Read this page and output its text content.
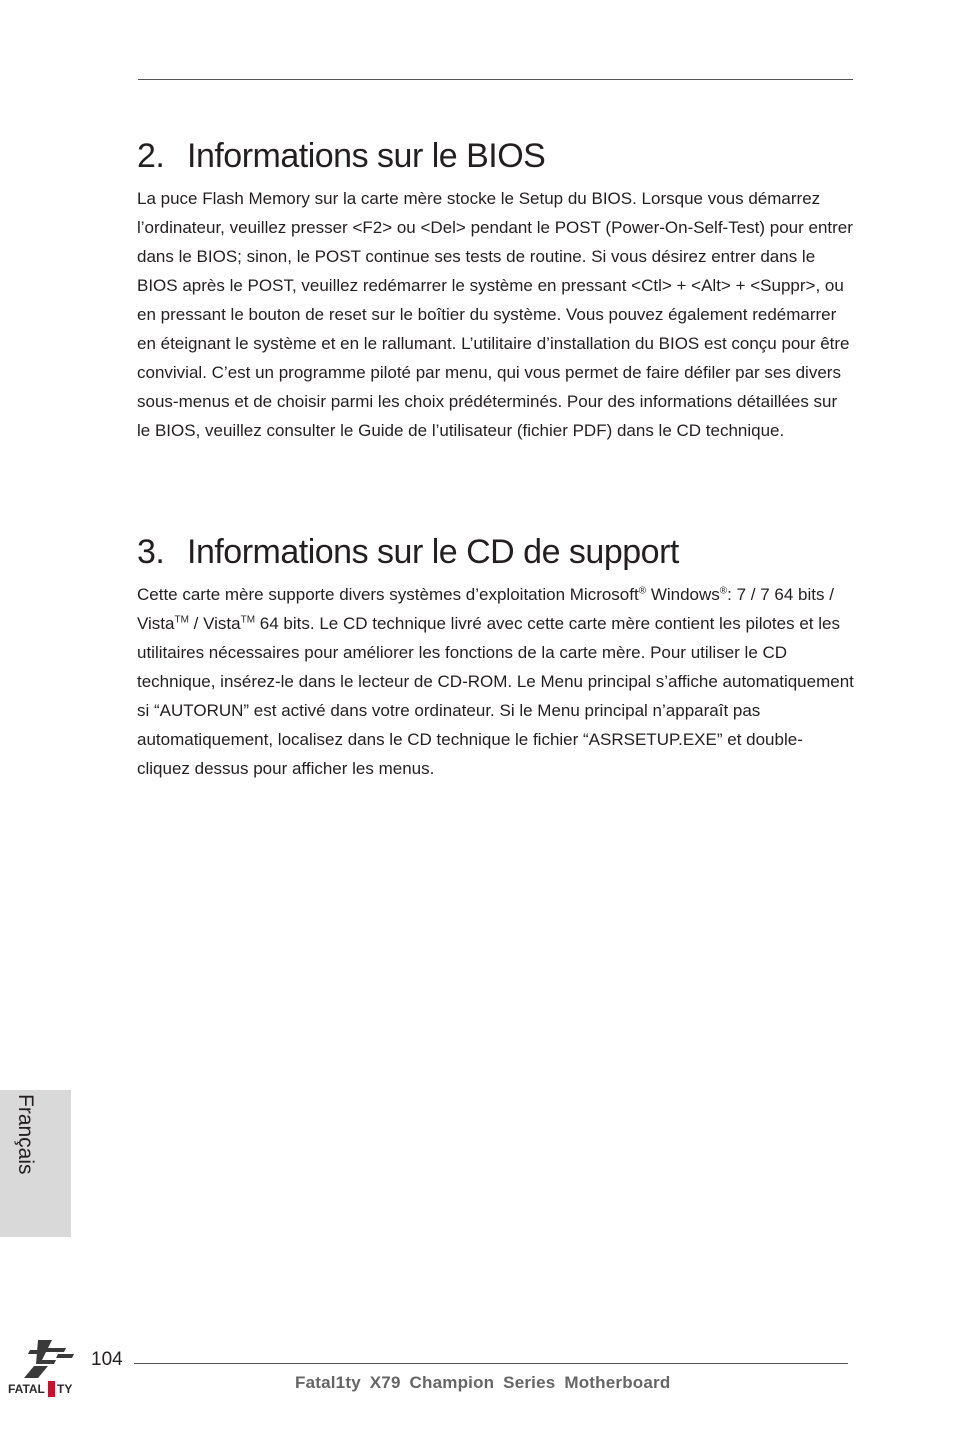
2. Informations sur le BIOS

La puce Flash Memory sur la carte mère stocke le Setup du BIOS. Lorsque vous démarrez l’ordinateur, veuillez presser <F2> ou <Del> pendant le POST (Power-On-Self-Test) pour entrer dans le BIOS; sinon, le POST continue ses tests de routine. Si vous désirez entrer dans le BIOS après le POST, veuillez redémarrer le système en pressant <Ctl> + <Alt> + <Suppr>, ou en pressant le bouton de reset sur le boîtier du système. Vous pouvez également redémarrer en éteignant le système et en le rallumant. L’utilitaire d’installation du BIOS est conçu pour être convivial. C’est un programme piloté par menu, qui vous permet de faire défiler par ses divers sous-menus et de choisir parmi les choix prédéterminés. Pour des informations détaillées sur le BIOS, veuillez consulter le Guide de l’utilisateur (fichier PDF) dans le CD technique.

3. Informations sur le CD de support

Cette carte mère supporte divers systèmes d’exploitation Microsoft® Windows®: 7 / 7 64 bits / Vista™ / Vista™ 64 bits. Le CD technique livré avec cette carte mère contient les pilotes et les utilitaires nécessaires pour améliorer les fonctions de la carte mère. Pour utiliser le CD technique, insérez-le dans le lecteur de CD-ROM. Le Menu principal s’affiche automatiquement si “AUTORUN” est activé dans votre ordinateur. Si le Menu principal n’apparaît pas automatiquement, localisez dans le CD technique le fichier “ASRSETUP.EXE” et double-cliquez dessus pour afficher les menus.

Français
FATAL TY
104
Fatal1ty X79 Champion Series Motherboard
